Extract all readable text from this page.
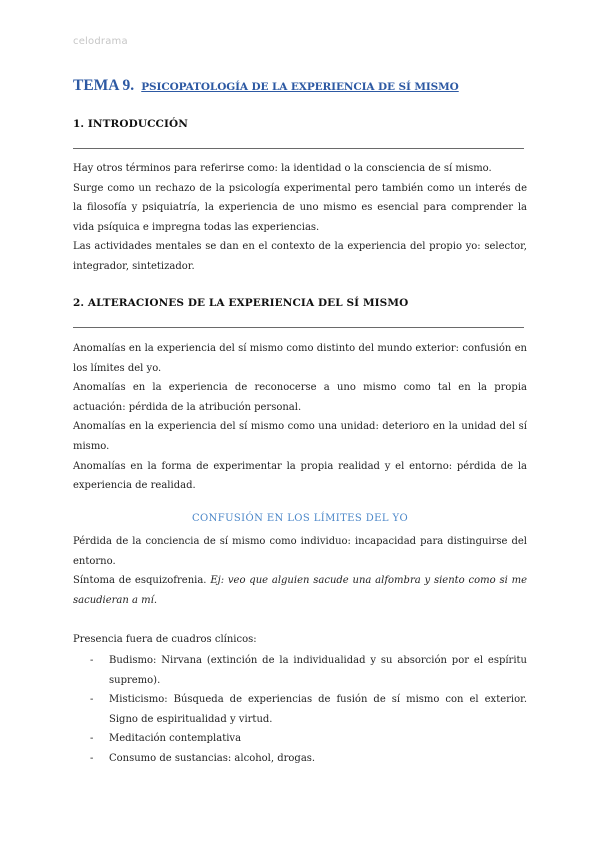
celodrama
TEMA 9. PSICOPATOLOGÍA DE LA EXPERIENCIA DE SÍ MISMO
1. INTRODUCCIÓN

Hay otros términos para referirse como: la identidad o la consciencia de sí mismo.

Surge como un rechazo de la psicología experimental pero también como un interés de la filosofía y psiquiatría, la experiencia de uno mismo es esencial para comprender la vida psíquica e impregna todas las experiencias.

Las actividades mentales se dan en el contexto de la experiencia del propio yo: selector, integrador, sintetizador.

2. ALTERACIONES DE LA EXPERIENCIA DEL SÍ MISMO

Anomalías en la experiencia del sí mismo como distinto del mundo exterior: confusión en los límites del yo.

Anomalías en la experiencia de reconocerse a uno mismo como tal en la propia actuación: pérdida de la atribución personal.

Anomalías en la experiencia del sí mismo como una unidad: deterioro en la unidad del sí mismo.

Anomalías en la forma de experimentar la propia realidad y el entorno: pérdida de la experiencia de realidad.

CONFUSIÓN EN LOS LÍMITES DEL YO

Pérdida de la conciencia de sí mismo como individuo: incapacidad para distinguirse del entorno.

Síntoma de esquizofrenia. Ej: veo que alguien sacude una alfombra y siento como si me sacudieran a mí.

Presencia fuera de cuadros clínicos:

- Budismo: Nirvana (extinción de la individualidad y su absorción por el espíritu supremo).
- Misticismo: Búsqueda de experiencias de fusión de sí mismo con el exterior. Signo de espiritualidad y virtud.
- Meditación contemplativa
- Consumo de sustancias: alcohol, drogas.
